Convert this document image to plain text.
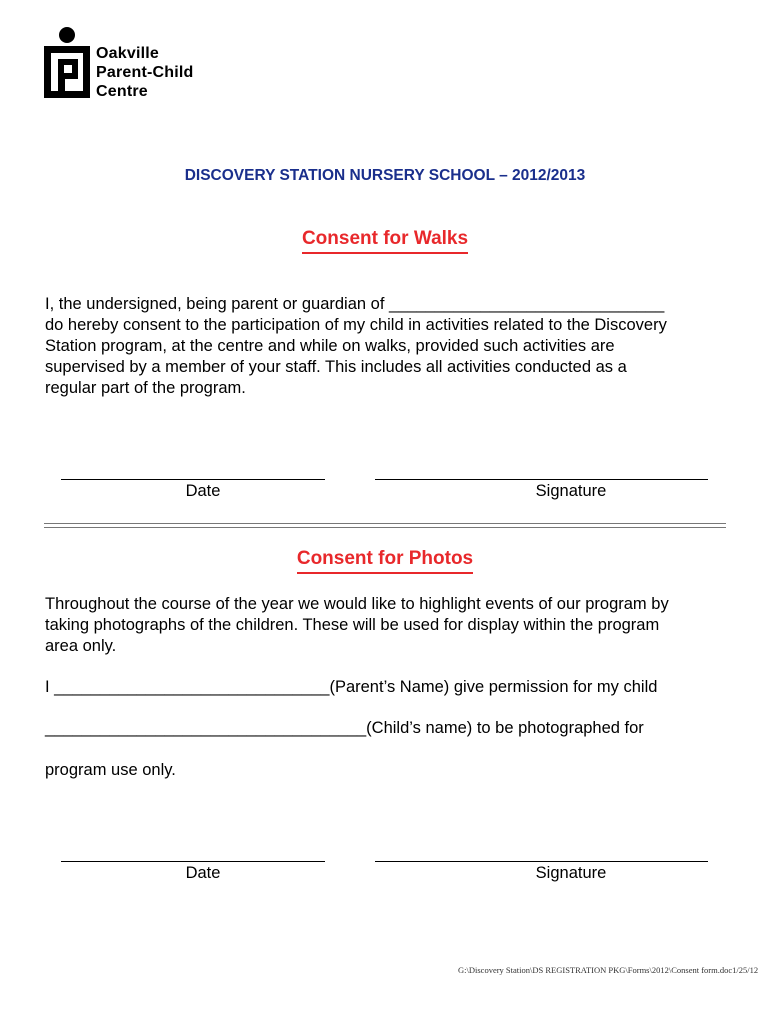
Oakville
Parent-Child
Centre
DISCOVERY STATION NURSERY SCHOOL – 2012/2013
Consent for Walks
I, the undersigned, being parent or guardian of ______________________________
do hereby consent to the participation of my child in activities related to the Discovery
Station program, at the centre and while on walks, provided such activities are
supervised by a member of your staff. This includes all activities conducted as a
regular part of the program.
Date	Signature
Consent for Photos
Throughout the course of the year we would like to highlight events of our program by
taking photographs of the children. These will be used for display within the program
area only.
I ______________________________(Parent’s Name) give permission for my child
___________________________________(Child’s name) to be photographed for
program use only.
Date	Signature
G:\Discovery Station\DS REGISTRATION PKG\Forms\2012\Consent form.doc1/25/12
